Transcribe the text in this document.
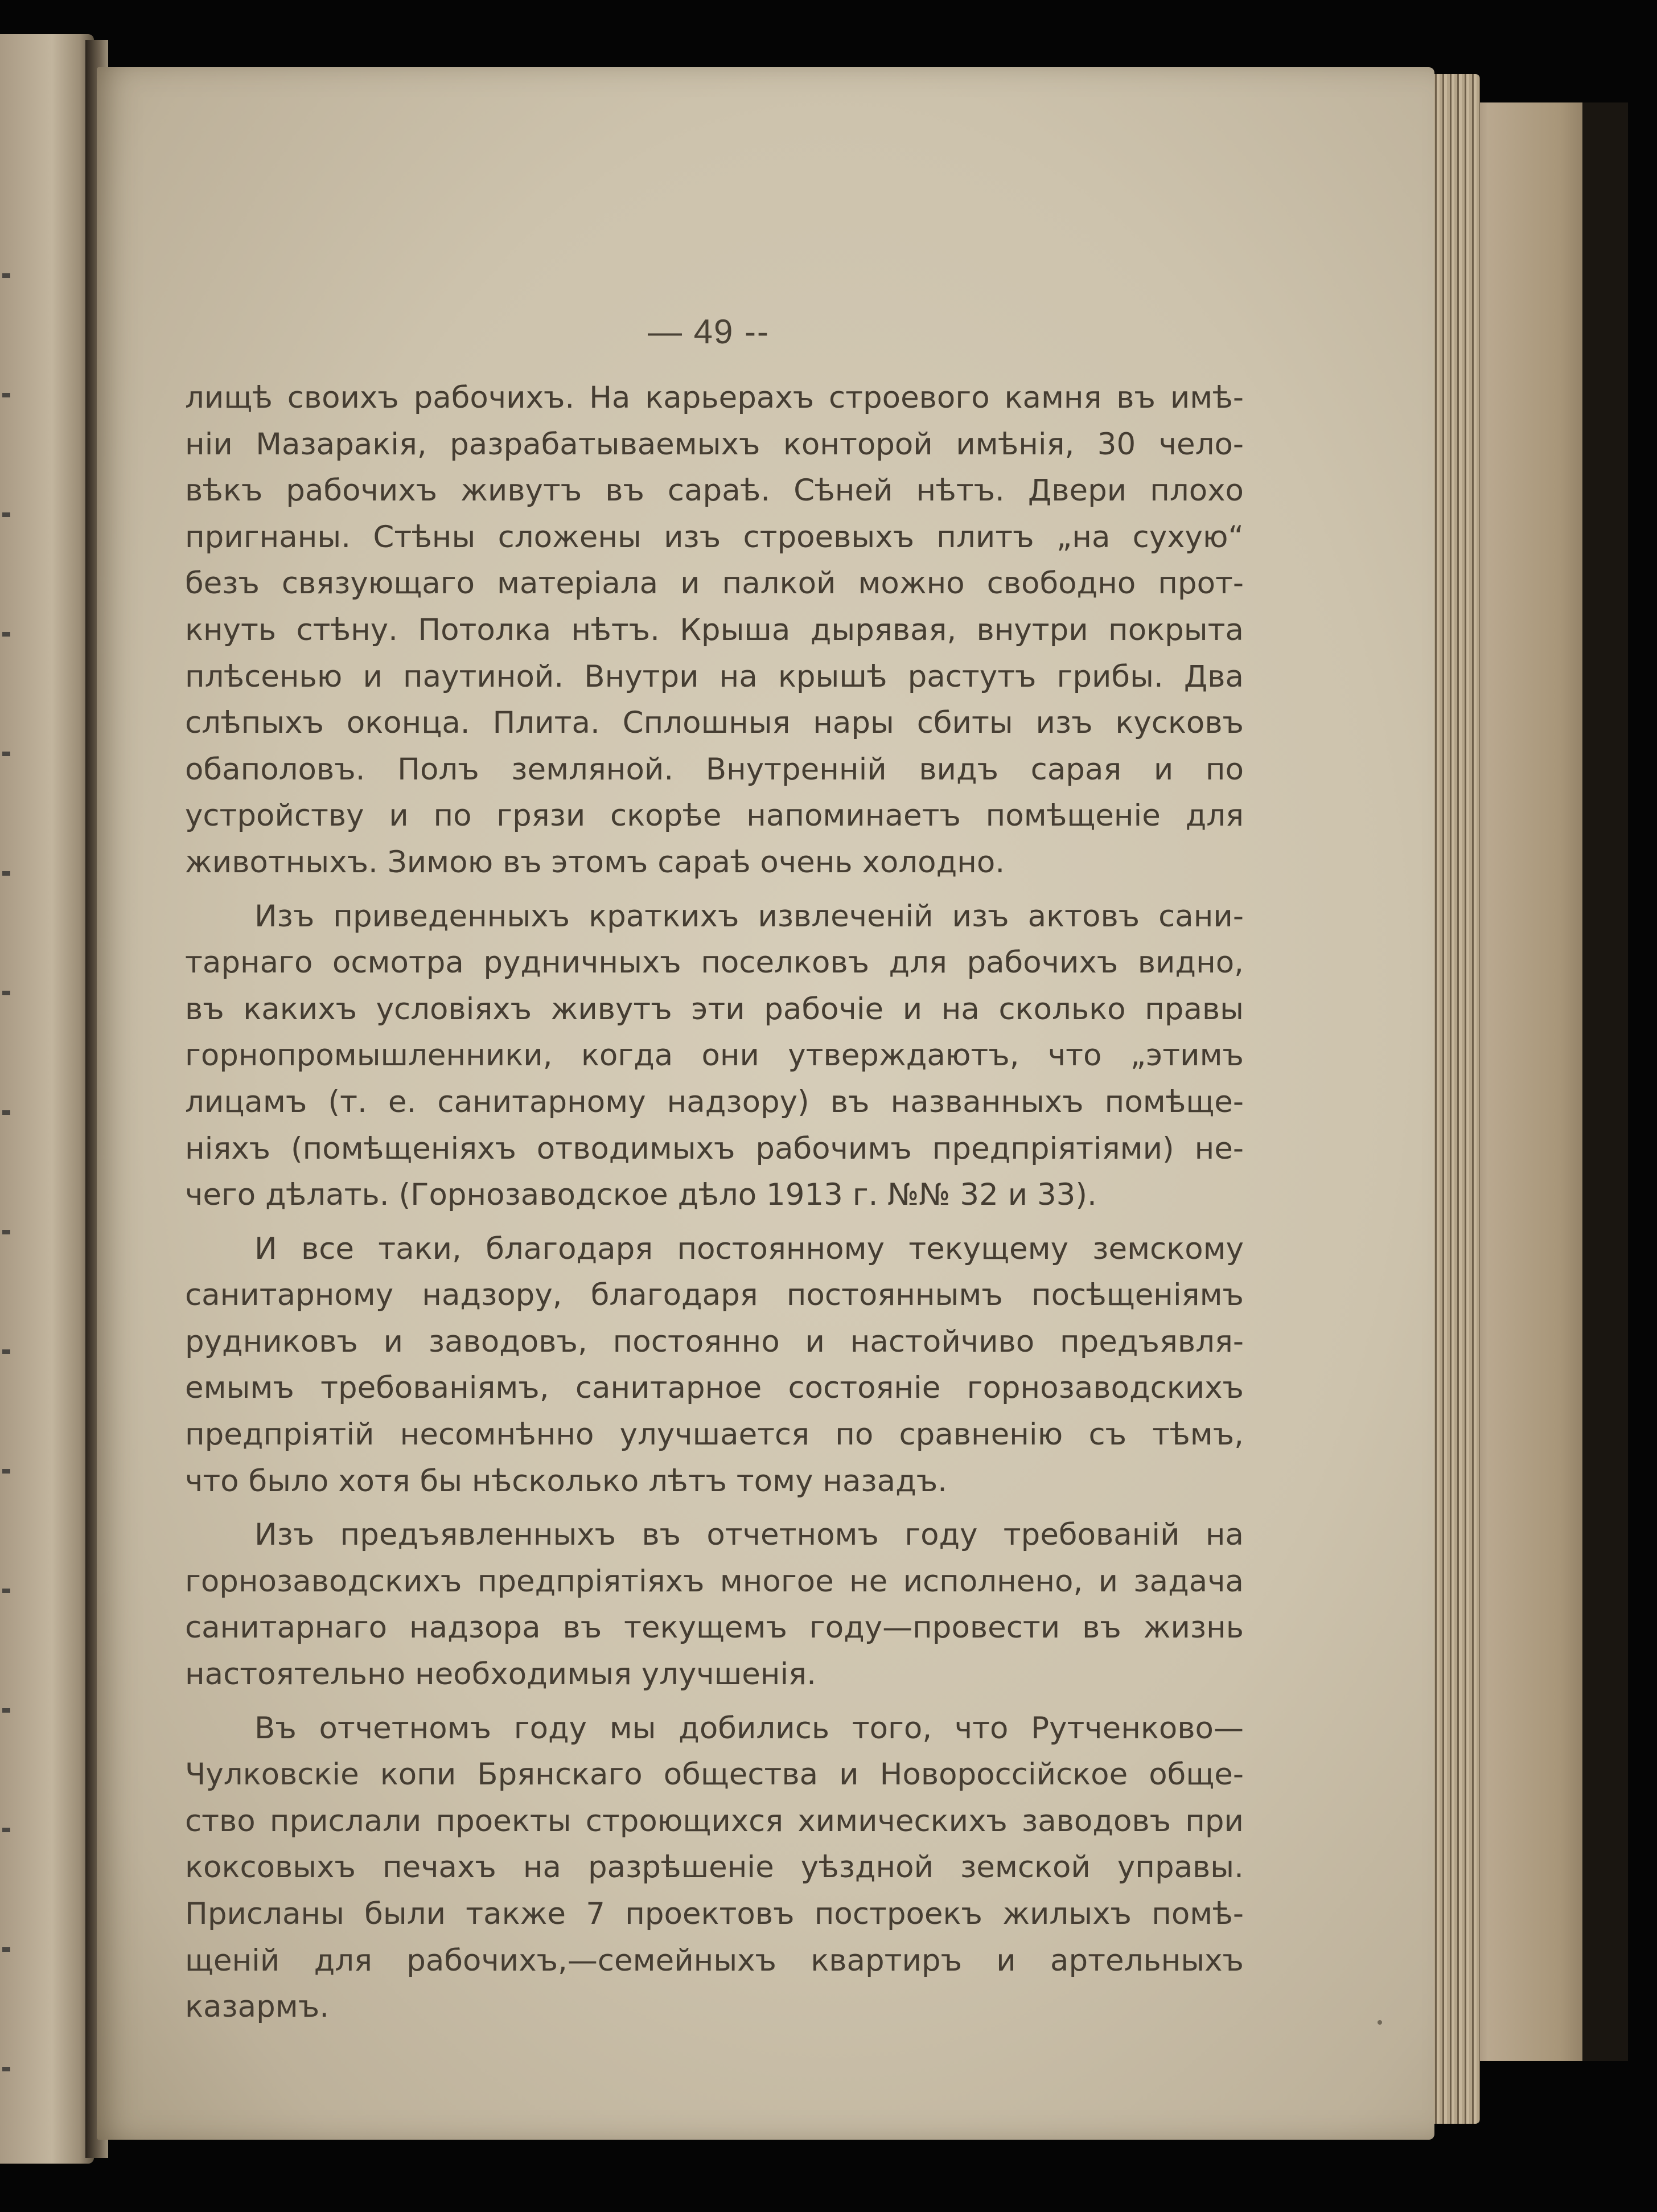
— 49 --
лищѣ своихъ рабочихъ. На карьерахъ строевого камня въ имѣ-
нiи Мазаракiя, разрабатываемыхъ конторой имѣнiя, 30 чело-
вѣкъ рабочихъ живутъ въ сараѣ. Сѣней нѣтъ. Двери плохо
пригнаны. Стѣны сложены изъ строевыхъ плитъ „на сухую“
безъ связующаго матерiала и палкой можно свободно прот-
кнуть стѣну. Потолка нѣтъ. Крыша дырявая, внутри покрыта
плѣсенью и паутиной. Внутри на крышѣ растутъ грибы. Два
слѣпыхъ оконца. Плита. Сплошныя нары сбиты изъ кусковъ
обаполовъ. Полъ земляной. Внутреннiй видъ сарая и по
устройству и по грязи скорѣе напоминаетъ помѣщенiе для
животныхъ. Зимою въ этомъ сараѣ очень холодно.
Изъ приведенныхъ краткихъ извлеченiй изъ актовъ сани-
тарнаго осмотра рудничныхъ поселковъ для рабочихъ видно,
въ какихъ условiяхъ живутъ эти рабочiе и на сколько правы
горнопромышленники, когда они утверждаютъ, что „этимъ
лицамъ (т. е. санитарному надзору) въ названныхъ помѣще-
нiяхъ (помѣщенiяхъ отводимыхъ рабочимъ предпрiятiями) не-
чего дѣлать. (Горнозаводское дѣло 1913 г. №№ 32 и 33).
И все таки, благодаря постоянному текущему земскому
санитарному надзору, благодаря постояннымъ посѣщенiямъ
рудниковъ и заводовъ, постоянно и настойчиво предъявля-
емымъ требованiямъ, санитарное состоянiе горнозаводскихъ
предпрiятiй несомнѣнно улучшается по сравненiю съ тѣмъ,
что было хотя бы нѣсколько лѣтъ тому назадъ.
Изъ предъявленныхъ въ отчетномъ году требованiй на
горнозаводскихъ предпрiятiяхъ многое не исполнено, и задача
санитарнаго надзора въ текущемъ году—провести въ жизнь
настоятельно необходимыя улучшенiя.
Въ отчетномъ году мы добились того, что Рутченково—
Чулковскiе копи Брянскаго общества и Новороссiйское обще-
ство прислали проекты строющихся химическихъ заводовъ при
коксовыхъ печахъ на разрѣшенiе уѣздной земской управы.
Присланы были также 7 проектовъ построекъ жилыхъ помѣ-
щенiй для рабочихъ,—семейныхъ квартиръ и артельныхъ
казармъ.
